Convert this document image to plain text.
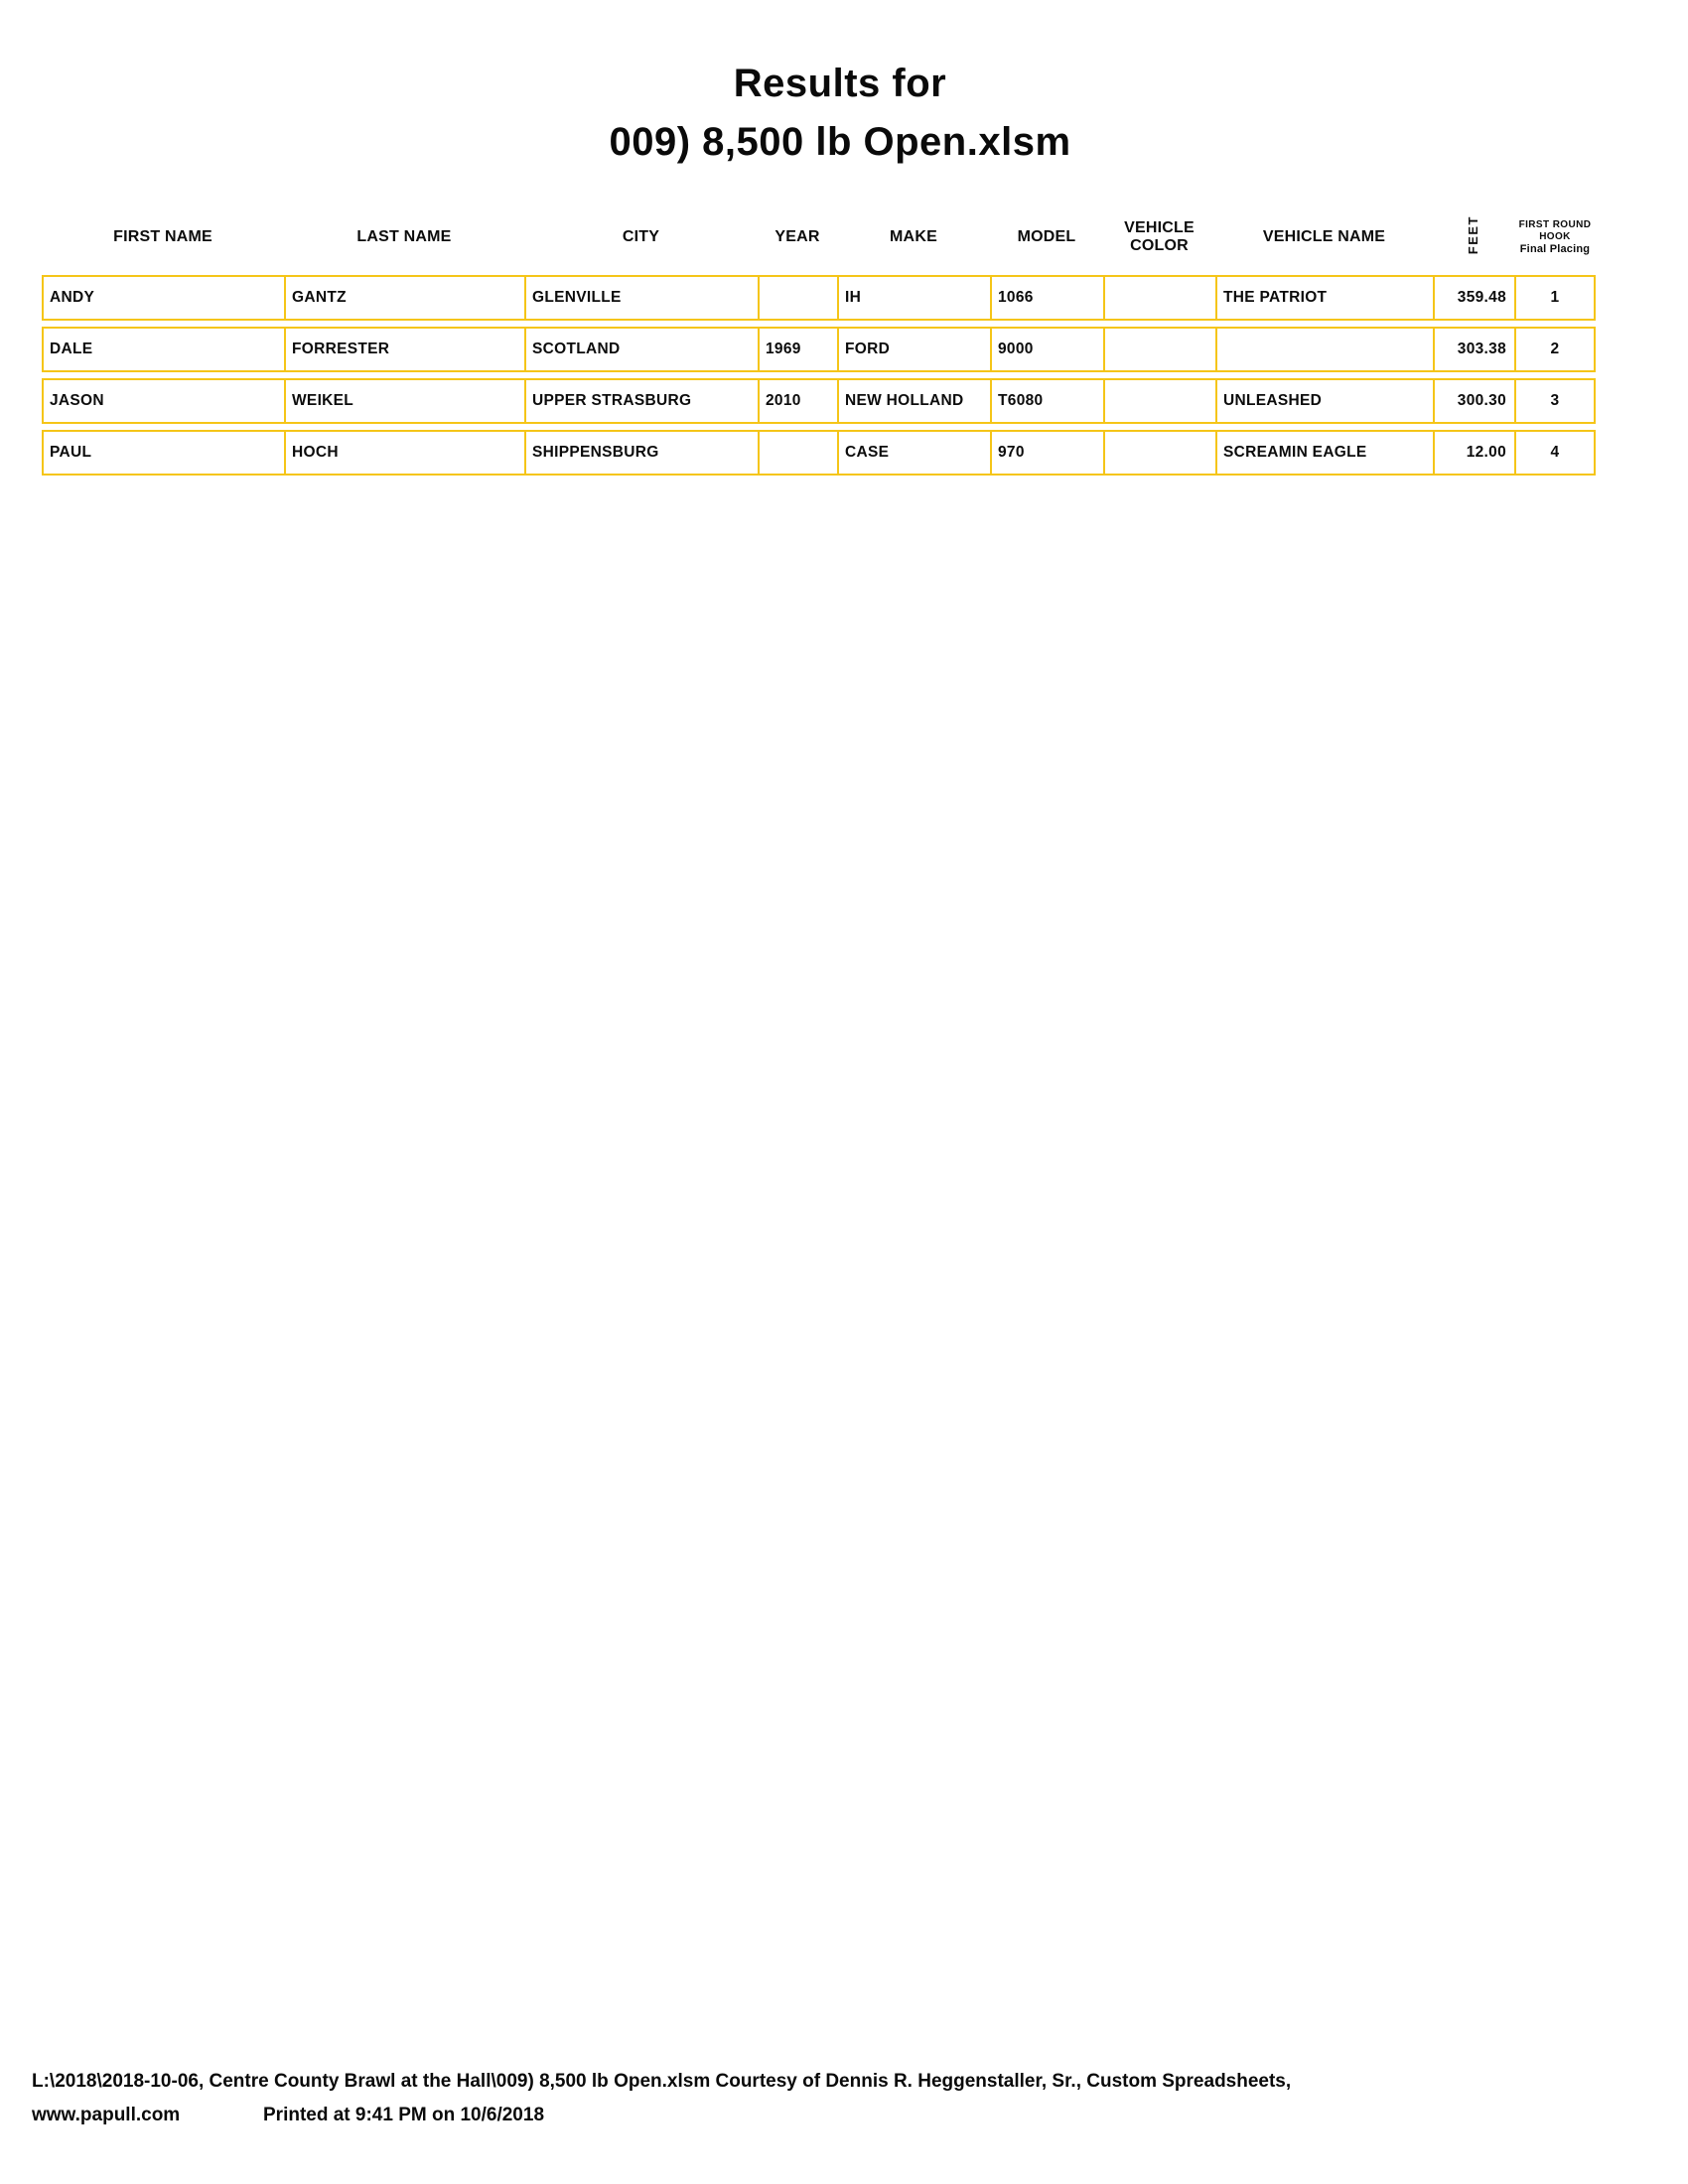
Results for
009) 8,500 lb Open.xlsm
FIRST NAME	LAST NAME	CITY	YEAR	MAKE	MODEL	VEHICLE COLOR	VEHICLE NAME	FEET	FIRST ROUND
HOOK
Final Placing

ANDY	GANTZ	GLENVILLE		IH	1066		THE PATRIOT	359.48	1
DALE	FORRESTER	SCOTLAND	1969	FORD	9000			303.38	2
JASON	WEIKEL	UPPER STRASBURG	2010	NEW HOLLAND	T6080		UNLEASHED	300.30	3
PAUL	HOCH	SHIPPENSBURG		CASE	970		SCREAMIN EAGLE	12.00	4
L:\2018\2018-10-06, Centre County Brawl at the Hall\009) 8,500 lb Open.xlsm Courtesy of Dennis R. Heggenstaller, Sr., Custom Spreadsheets,
www.papull.com	Printed at 9:41 PM on 10/6/2018
